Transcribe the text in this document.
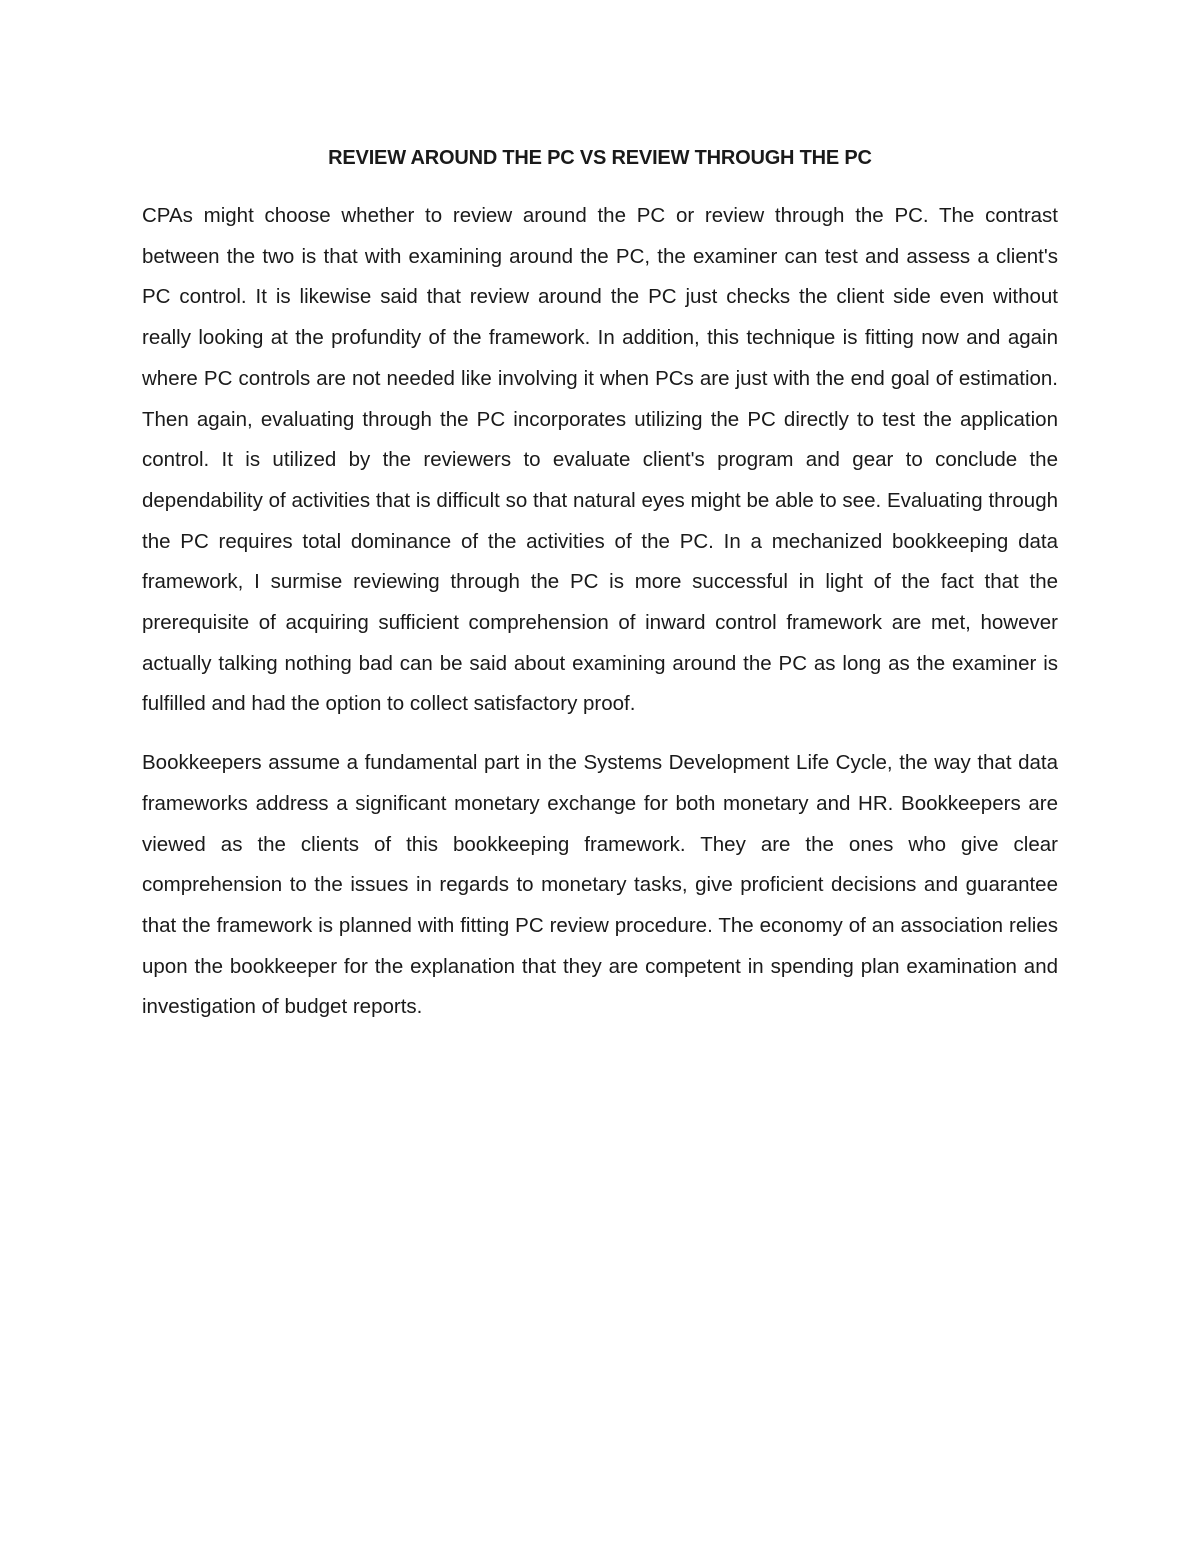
REVIEW AROUND THE PC VS REVIEW THROUGH THE PC

CPAs might choose whether to review around the PC or review through the PC. The contrast between the two is that with examining around the PC, the examiner can test and assess a client's PC control. It is likewise said that review around the PC just checks the client side even without really looking at the profundity of the framework. In addition, this technique is fitting now and again where PC controls are not needed like involving it when PCs are just with the end goal of estimation. Then again, evaluating through the PC incorporates utilizing the PC directly to test the application control. It is utilized by the reviewers to evaluate client's program and gear to conclude the dependability of activities that is difficult so that natural eyes might be able to see. Evaluating through the PC requires total dominance of the activities of the PC. In a mechanized bookkeeping data framework, I surmise reviewing through the PC is more successful in light of the fact that the prerequisite of acquiring sufficient comprehension of inward control framework are met, however actually talking nothing bad can be said about examining around the PC as long as the examiner is fulfilled and had the option to collect satisfactory proof.

Bookkeepers assume a fundamental part in the Systems Development Life Cycle, the way that data frameworks address a significant monetary exchange for both monetary and HR. Bookkeepers are viewed as the clients of this bookkeeping framework. They are the ones who give clear comprehension to the issues in regards to monetary tasks, give proficient decisions and guarantee that the framework is planned with fitting PC review procedure. The economy of an association relies upon the bookkeeper for the explanation that they are competent in spending plan examination and investigation of budget reports.
